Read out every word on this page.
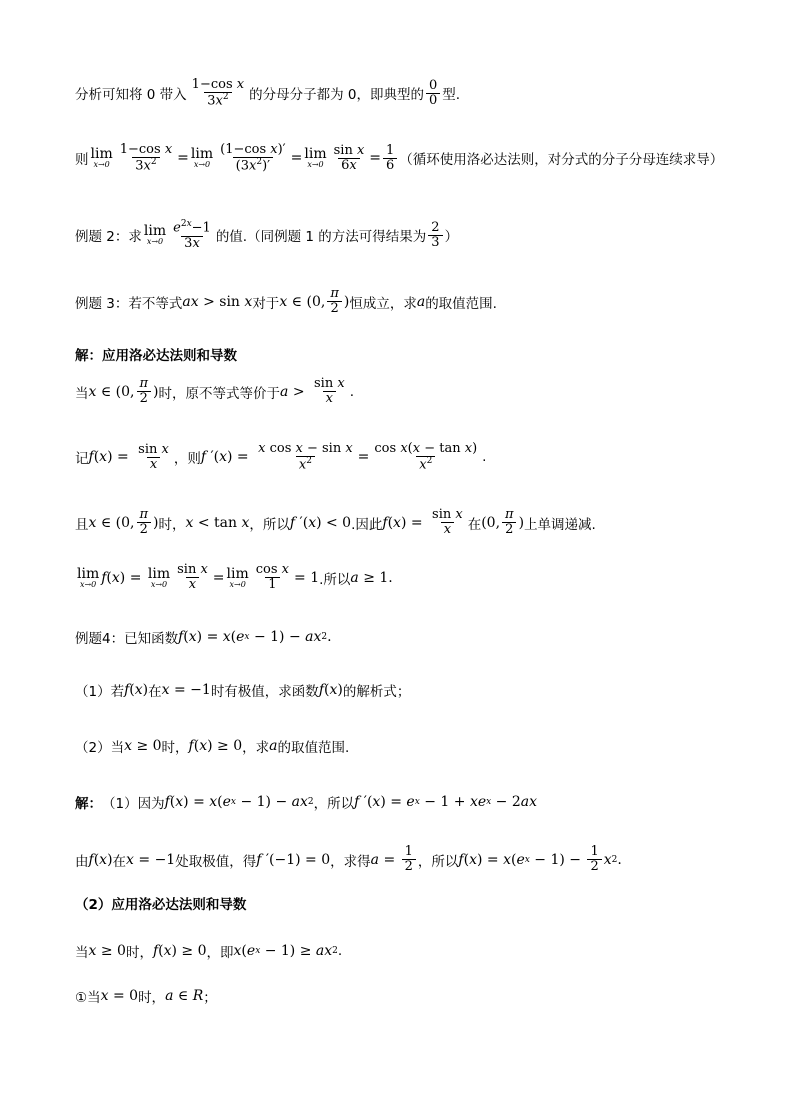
分析可知将 0 带入 $\frac{\text{1−cos x}}{3x^2}$ 的分母分子都为 0，即典型的 $\frac{0}{0}$ 型.
则 lim
$x\to 0 \frac{\text{1−cos x}}{3x^2} = \lim$
$x\to 0 \frac{\text{(1−cos x)′}}{(3x^2)'} = \lim$
$x\to 0 \frac{\text{sin x}}{6x} = \frac{1}{6}$ （循环使用洛必达法则，对分式的分子分母连续求导）
例题 2：求 lim
$x\to 0 \frac{e^{2x}-1}{3x}$ 的值.（同例题 1 的方法可得结果为 $\frac{2}{3}$ ）
例题 3：若不等式 ax > sin x 对于 x ∈ (0, $\frac{\pi}{2}$ ) 恒成立，求 a 的取值范围.
解：应用洛必达法则和导数
当 x ∈ (0, $\frac{\pi}{2}$ ) 时，原不等式等价于 $a > \frac{\text{sin x}}{x}$ .
记 f ( x ) = $\frac{\text{sin x}}{x}$ ，则 f ′( x ) = $\frac{\text{x cos x − sin x}}{x^2} = \frac{\text{cos x(x − tan x)}}{x^2}$ .
且 x ∈ (0, $\frac{\pi}{2}$ ) 时， x < tan x ，所以 f ′( x ) < 0 .因此 f ( x ) = $\frac{\text{sin x}}{x}$ 在 (0, $\frac{\pi}{2}$ ) 上单调递减.
lim
x→0 f ( x ) = lim
$x\to 0 \frac{\text{sin x}}{x} = \lim$
$x\to 0 \frac{\text{cos x}}{1} = 1$ .所以 a ≥ 1.
例题4：已知函数 f ( x ) = x ( e x − 1) − ax 2 .
（1）若 f ( x ) 在 x = −1 时有极值，求函数 f ( x ) 的解析式；
（2）当 x ≥ 0 时， f ( x ) ≥ 0 ，求 a 的取值范围.
解： （1）因为 f ( x ) = x ( e x − 1) − ax 2 ，所以 f ′( x ) = e x − 1 + xe x − 2 ax
由 f ( x ) 在 x = −1 处取极值，得 f ′(−1) = 0 ，求得 $a = \frac{1}{2}$ ，所以 f ( x ) = x ( e $x - 1) - \frac{1}{2}$ x 2 .
（2）应用洛必达法则和导数
当 x ≥ 0 时， f ( x ) ≥ 0 ，即 x ( e x − 1) ≥ ax 2 .
①当 x = 0 时， a ∈ R ；
